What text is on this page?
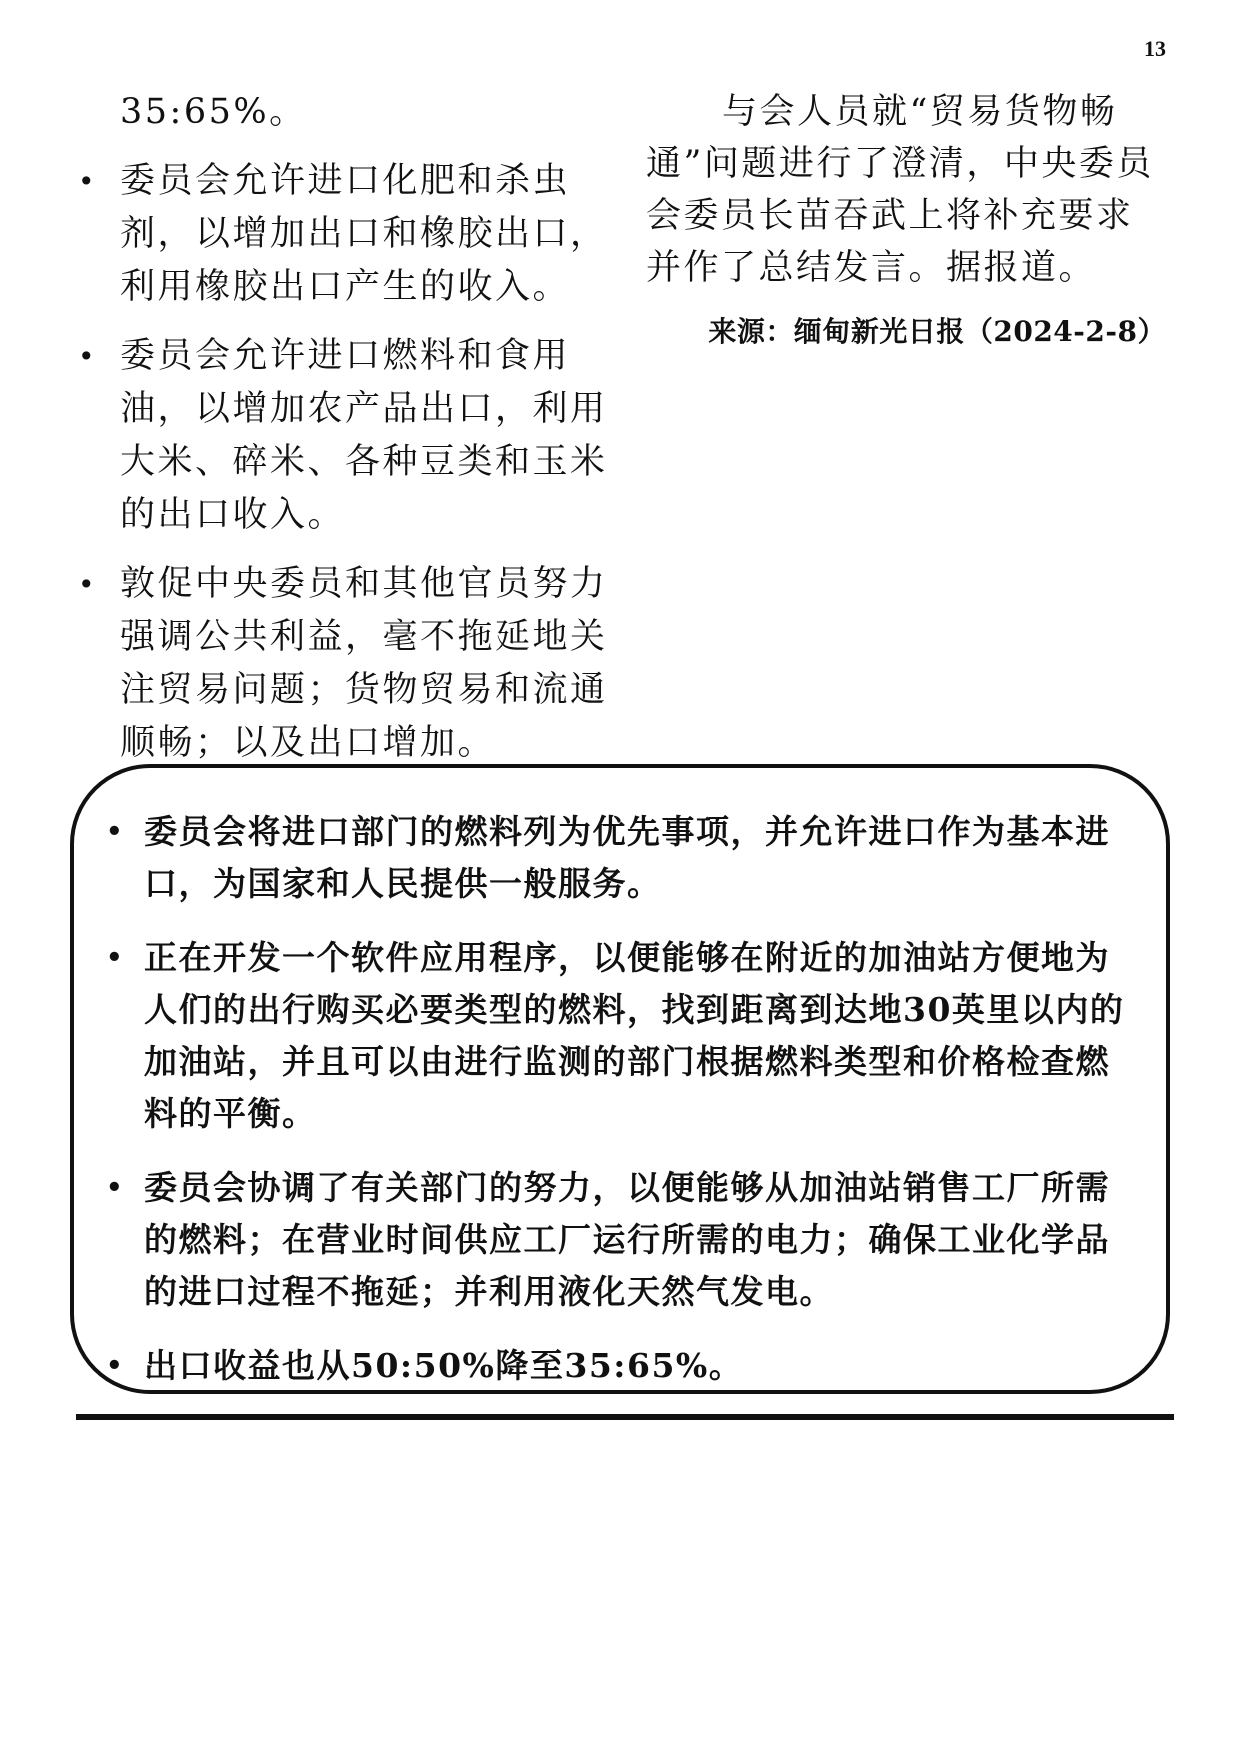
13

35:65%。

• 委员会允许进口化肥和杀虫剂，以增加出口和橡胶出口，利用橡胶出口产生的收入。
• 委员会允许进口燃料和食用油，以增加农产品出口，利用大米、碎米、各种豆类和玉米的出口收入。
• 敦促中央委员和其他官员努力强调公共利益，毫不拖延地关注贸易问题；货物贸易和流通顺畅；以及出口增加。

与会人员就“贸易货物畅通”问题进行了澄清，中央委员会委员长苗吞武上将补充要求并作了总结发言。据报道。

来源：缅甸新光日报（2024-2-8）

• 委员会将进口部门的燃料列为优先事项，并允许进口作为基本进口，为国家和人民提供一般服务。
• 正在开发一个软件应用程序，以便能够在附近的加油站方便地为人们的出行购买必要类型的燃料，找到距离到达地30英里以内的加油站，并且可以由进行监测的部门根据燃料类型和价格检查燃料的平衡。
• 委员会协调了有关部门的努力，以便能够从加油站销售工厂所需的燃料；在营业时间供应工厂运行所需的电力；确保工业化学品的进口过程不拖延；并利用液化天然气发电。
• 出口收益也从50:50%降至35:65%。
